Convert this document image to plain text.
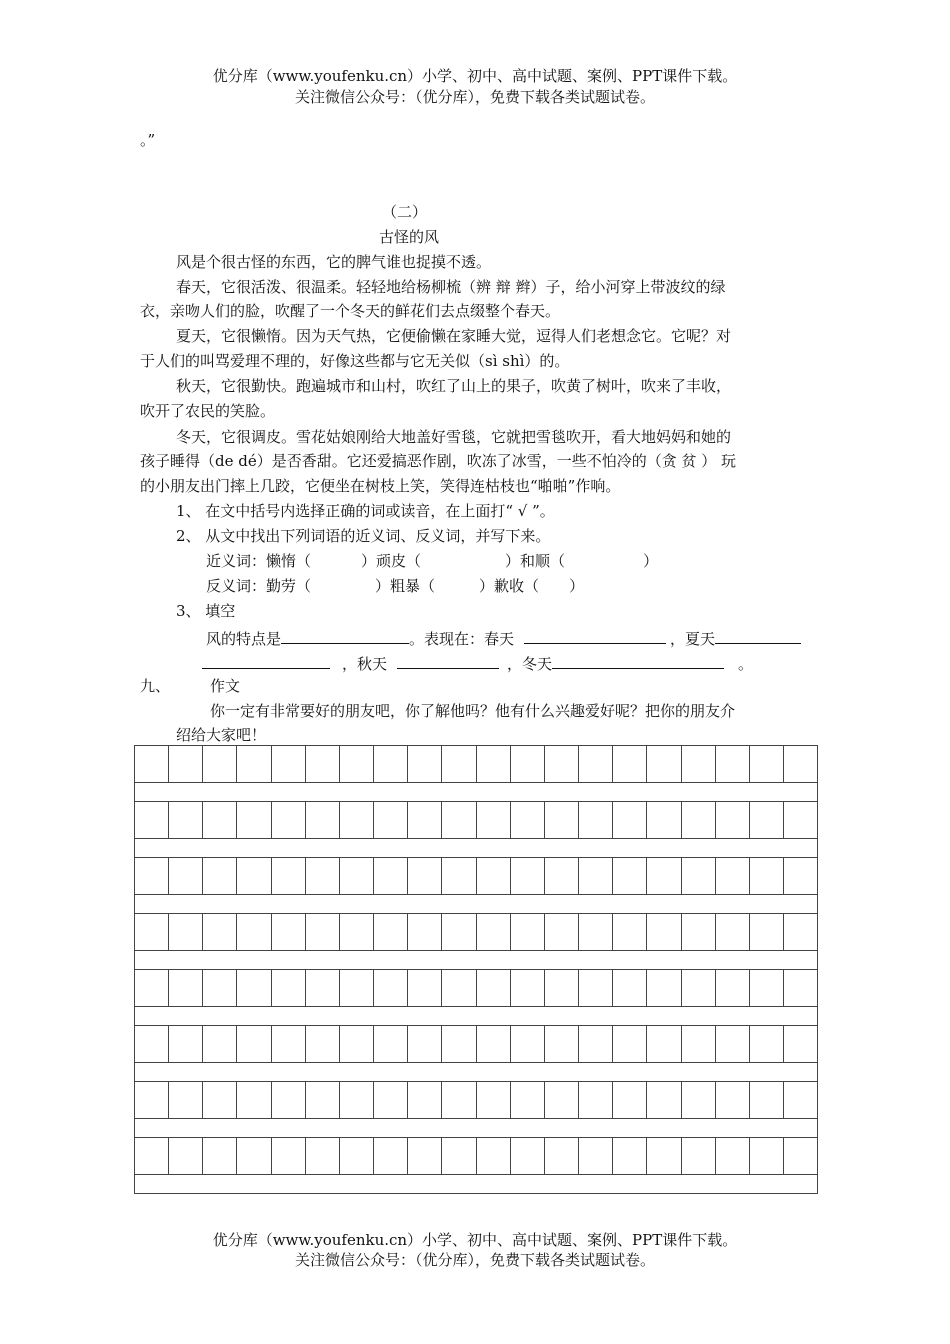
优分库（www.youfenku.cn）小学、初中、高中试题、案例、PPT课件下载。
关注微信公众号：（优分库），免费下载各类试题试卷。
。”
（二）
古怪的风
风是个很古怪的东西，它的脾气谁也捉摸不透。
春天，它很活泼、很温柔。轻轻地给杨柳梳（辨 辩 辫）子，给小河穿上带波纹的绿
衣，亲吻人们的脸，吹醒了一个冬天的鲜花们去点缀整个春天。
夏天，它很懒惰。因为天气热，它便偷懒在家睡大觉，逗得人们老想念它。它呢？对
于人们的叫骂爱理不理的，好像这些都与它无关似（sì shì）的。
秋天，它很勤快。跑遍城市和山村，吹红了山上的果子，吹黄了树叶，吹来了丰收，
吹开了农民的笑脸。
冬天，它很调皮。雪花姑娘刚给大地盖好雪毯，它就把雪毯吹开，看大地妈妈和她的
孩子睡得（de dé）是否香甜。它还爱搞恶作剧，吹冻了冰雪，一些不怕冷的（贪 贫 ） 玩
的小朋友出门摔上几跤，它便坐在树枝上笑，笑得连枯枝也“啪啪”作响。
1、 在文中括号内选择正确的词或读音，在上面打“ √ ”。
2、 从文中找出下列词语的近义词、反义词，并写下来。
近义词：懒惰（	）顽皮（	）和顺（	）
反义词：勤劳（	）粗暴（	）歉收（ ）
3、 填空
风的特点是	。表现在：春天	，夏天
，秋天	，冬天	。
九、	作文
你一定有非常要好的朋友吧，你了解他吗？他有什么兴趣爱好呢？把你的朋友介
绍给大家吧！
优分库（www.youfenku.cn）小学、初中、高中试题、案例、PPT课件下载。
关注微信公众号：（优分库），免费下载各类试题试卷。
